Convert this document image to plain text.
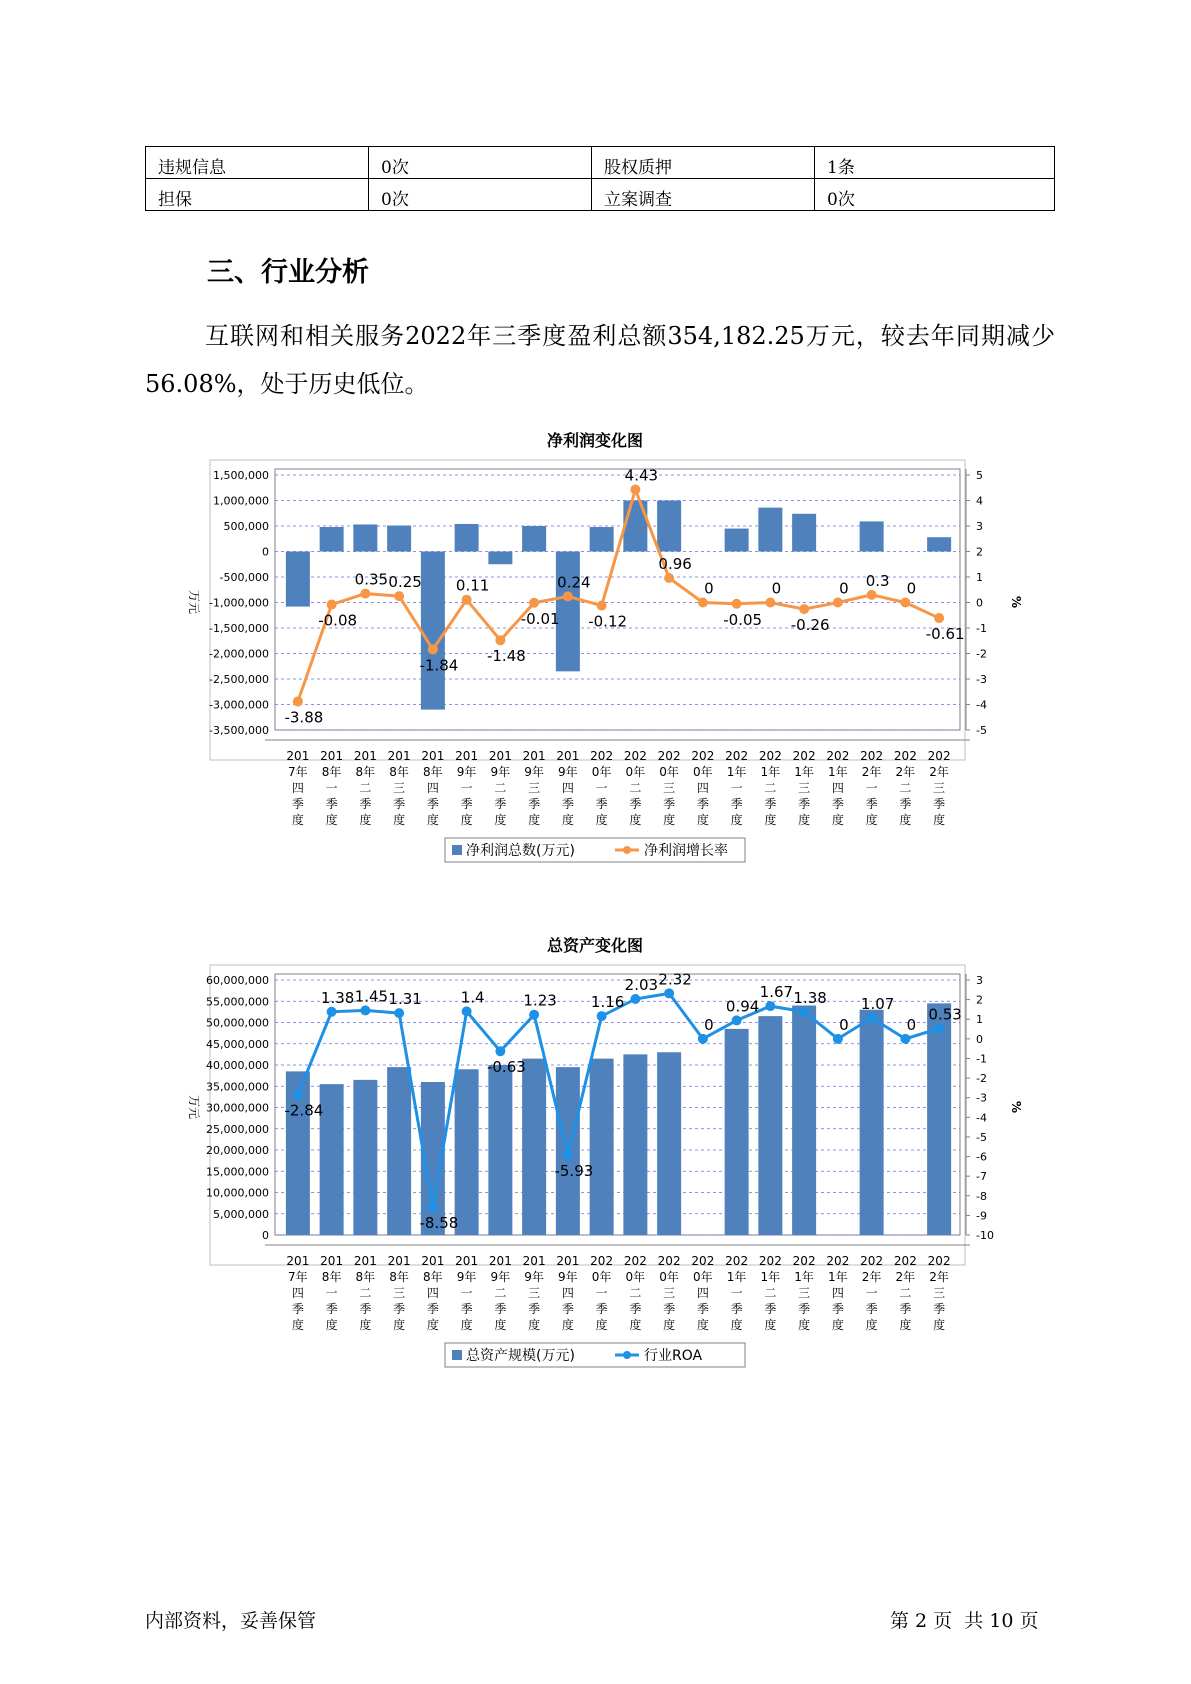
违规信息	0次	股权质押	1条
担保	0次	立案调查	0次
三、行业分析
互联网和相关服务2022年三季度盈利总额354,182.25万元，较去年同期减少56.08%，处于历史低位。
净利润变化图
1,500,000
1,000,000
500,000
0
-500,000
-1,000,000
-1,500,000
-2,000,000
-2,500,000
-3,000,000
-3,500,000
5
4
3
2
1
0
-1
-2
-3
-4
-5
万元	%
201 7年四季度
201 8年一季度
201 8年二季度
201 8年三季度
201 8年四季度
201 9年一季度
201 9年二季度
201 9年三季度
201 9年四季度
202 0年一季度
202 0年二季度
202 0年三季度
202 0年四季度
202 1年一季度
202 1年二季度
202 1年三季度
202 1年四季度
202 2年一季度
202 2年二季度
202 2年三季度
-3.88
-0.08
0.35 0.25
-1.84
0.11
-1.48
-0.01
0.24
-0.12
4.43
0.96
0
-0.05
0
-0.26
0 0.3 0
-0.61
净利润总数(万元)	净利润增长率
总资产变化图
60,000,000
55,000,000
50,000,000
45,000,000
40,000,000
35,000,000
30,000,000
25,000,000
20,000,000
15,000,000
10,000,000
5,000,000
0
3
2
1
0
-1
-2
-3
-4
-5
-6
-7
-8
-9
-10
万元	%
201 7年四季度
201 8年一季度
201 8年二季度
201 8年三季度
201 8年四季度
201 9年一季度
201 9年二季度
201 9年三季度
201 9年四季度
202 0年一季度
202 0年二季度
202 0年三季度
202 0年四季度
202 1年一季度
202 1年二季度
202 1年三季度
202 1年四季度
202 2年一季度
202 2年二季度
202 2年三季度
-2.84
1.38 1.45 1.31
-8.58
1.4
-0.63
1.23
-5.93
1.16
2.03 2.32
0
0.94
1.67 1.38
0
1.07
0
0.53
总资产规模(万元)	行业ROA
内部资料，妥善保管	第 2 页  共 10 页
